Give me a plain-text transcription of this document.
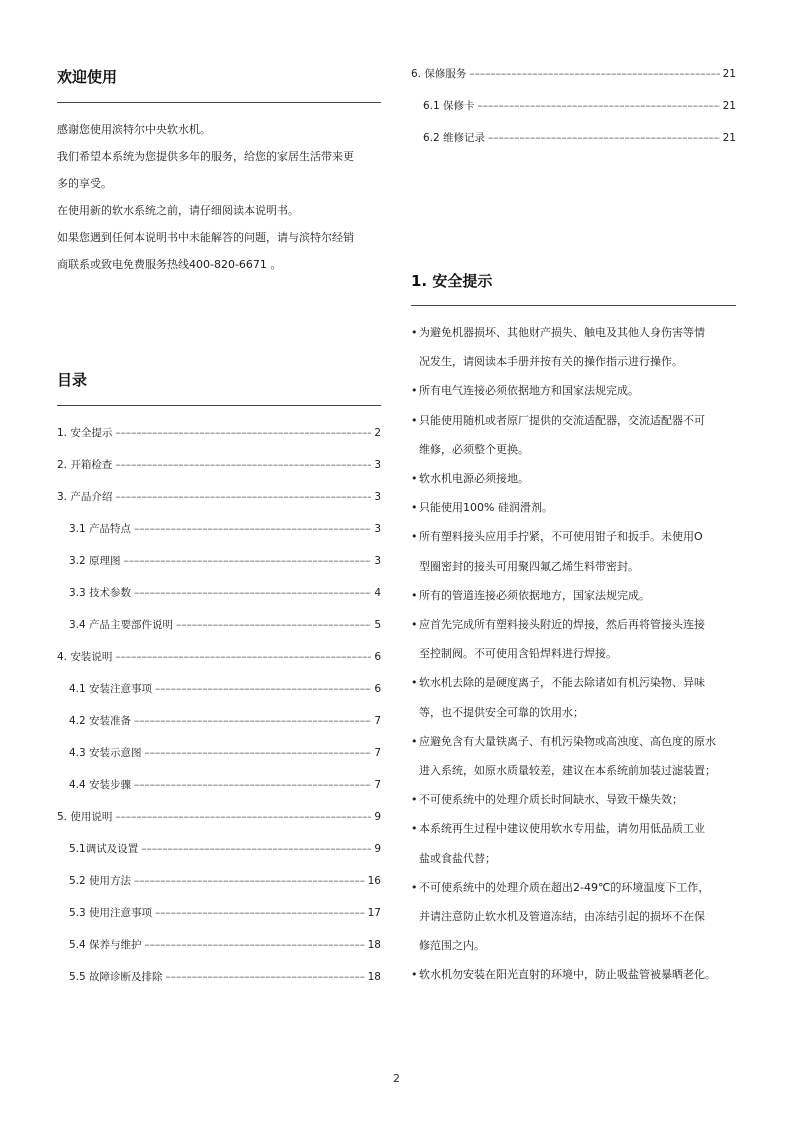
欢迎使用
感谢您使用滨特尔中央软水机。
我们希望本系统为您提供多年的服务，给您的家居生活带来更
多的享受。
在使用新的软水系统之前，请仔细阅读本说明书。
如果您遇到任何本说明书中未能解答的问题，请与滨特尔经销
商联系或致电免费服务热线400-820-6671 。
目录
1. 安全提示 –––––	2
2. 开箱检查 –––––	3
3. 产品介绍 –––––	3
3.1 产品特点 –––––	3
3.2 原理图 –––––	3
3.3 技术参数 –––––	4
3.4 产品主要部件说明 –––––	5
4. 安装说明 –––––	6
4.1 安装注意事项 –––––	6
4.2 安装准备 –––––	7
4.3 安装示意图 –––––	7
4.4 安装步骤 –––––	7
5. 使用说明 –––––	9
5.1调试及设置 –––––	9
5.2 使用方法 –––––	16
5.3 使用注意事项 –––––	17
5.4 保养与维护 –––––	18
5.5 故障诊断及排除 –––––	18
6. 保修服务 –––––	21
6.1 保修卡 –––––	21
6.2 维修记录 –––––	21
1. 安全提示
• 为避免机器损坏、其他财产损失、触电及其他人身伤害等情
况发生，请阅读本手册并按有关的操作指示进行操作。
• 所有电气连接必须依据地方和国家法规完成。
• 只能使用随机或者原厂提供的交流适配器，交流适配器不可
维修，必须整个更换。
• 软水机电源必须接地。
• 只能使用100% 硅润滑剂。
• 所有塑料接头应用手拧紧，不可使用钳子和扳手。未使用O
型圈密封的接头可用聚四氟乙烯生料带密封。
• 所有的管道连接必须依据地方，国家法规完成。
• 应首先完成所有塑料接头附近的焊接，然后再将管接头连接
至控制阀。不可使用含铅焊料进行焊接。
• 软水机去除的是硬度离子，不能去除诸如有机污染物、异味
等，也不提供安全可靠的饮用水；
• 应避免含有大量铁离子、有机污染物或高浊度、高色度的原水
进入系统，如原水质量较差，建议在本系统前加装过滤装置；
• 不可使系统中的处理介质长时间缺水、导致干燥失效；
• 本系统再生过程中建议使用软水专用盐，请勿用低品质工业
盐或食盐代替；
• 不可使系统中的处理介质在超出2-49℃的环境温度下工作，
并请注意防止软水机及管道冻结，由冻结引起的损坏不在保
修范围之内。
• 软水机勿安装在阳光直射的环境中，防止吸盐管被暴晒老化。
2
